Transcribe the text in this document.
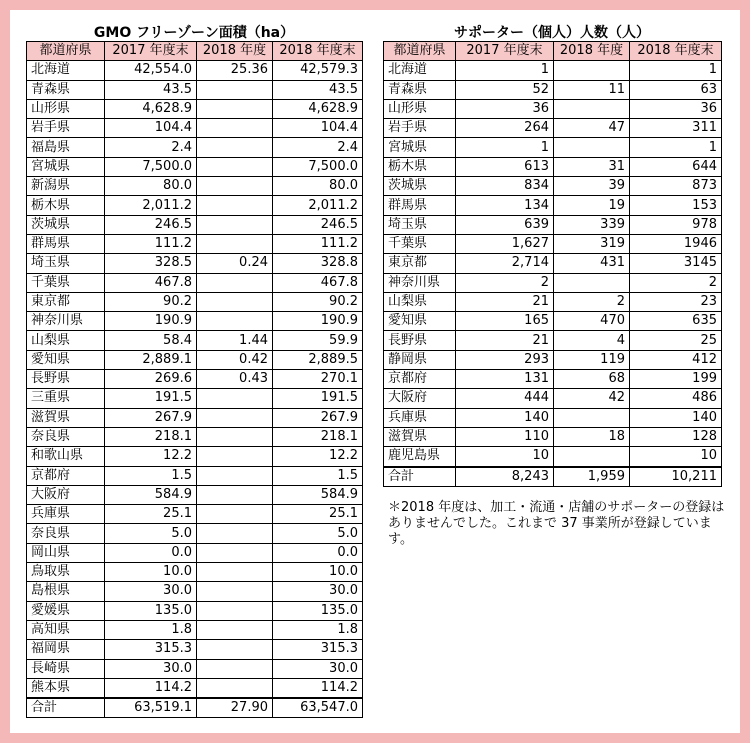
GMO フリーゾーン面積（ha）
都道府県	2017 年度末	2018 年度	2018 年度末
北海道	42,554.0	25.36	42,579.3
青森県	43.5		43.5
山形県	4,628.9		4,628.9
岩手県	104.4		104.4
福島県	2.4		2.4
宮城県	7,500.0		7,500.0
新潟県	80.0		80.0
栃木県	2,011.2		2,011.2
茨城県	246.5		246.5
群馬県	111.2		111.2
埼玉県	328.5	0.24	328.8
千葉県	467.8		467.8
東京都	90.2		90.2
神奈川県	190.9		190.9
山梨県	58.4	1.44	59.9
愛知県	2,889.1	0.42	2,889.5
長野県	269.6	0.43	270.1
三重県	191.5		191.5
滋賀県	267.9		267.9
奈良県	218.1		218.1
和歌山県	12.2		12.2
京都府	1.5		1.5
大阪府	584.9		584.9
兵庫県	25.1		25.1
奈良県	5.0		5.0
岡山県	0.0		0.0
鳥取県	10.0		10.0
島根県	30.0		30.0
愛媛県	135.0		135.0
高知県	1.8		1.8
福岡県	315.3		315.3
長崎県	30.0		30.0
熊本県	114.2		114.2
合計	63,519.1	27.90	63,547.0
サポーター（個人）人数（人）
都道府県	2017 年度末	2018 年度	2018 年度末
北海道	1		1
青森県	52	11	63
山形県	36		36
岩手県	264	47	311
宮城県	1		1
栃木県	613	31	644
茨城県	834	39	873
群馬県	134	19	153
埼玉県	639	339	978
千葉県	1,627	319	1946
東京都	2,714	431	3145
神奈川県	2		2
山梨県	21	2	23
愛知県	165	470	635
長野県	21	4	25
静岡県	293	119	412
京都府	131	68	199
大阪府	444	42	486
兵庫県	140		140
滋賀県	110	18	128
鹿児島県	10		10
合計	8,243	1,959	10,211
＊2018 年度は、加工・流通・店舗のサポーターの登録はありませんでした。これまで 37 事業所が登録しています。
